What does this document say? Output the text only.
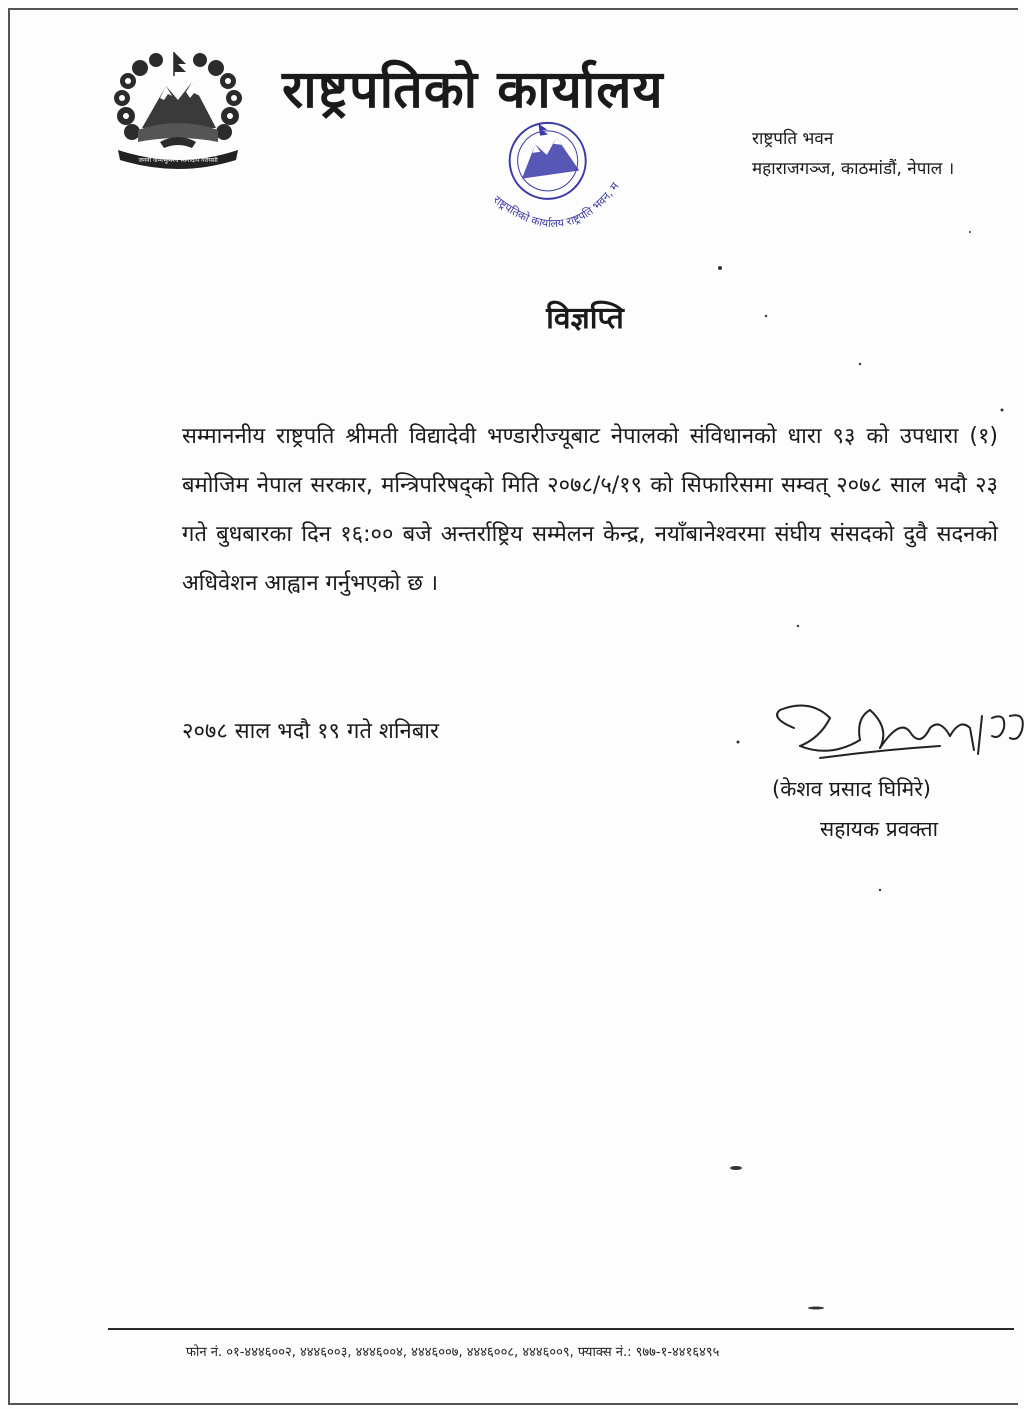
जननी जन्मभूमिश्च स्वर्गादपि गरीयसी
राष्ट्रपतिको कार्यालय
राष्ट्रपति भवन
महाराजगञ्ज, काठमांडौं, नेपाल ।
राष्ट्रपतिको कार्यालय राष्ट्रपति भवन, महाराजगञ्ज,
विज्ञप्ति
सम्माननीय राष्ट्रपति श्रीमती विद्यादेवी भण्डारीज्यूबाट नेपालको संविधानको धारा ९३ को उपधारा (१) बमोजिम नेपाल सरकार, मन्त्रिपरिषद्को मिति २०७८/५/१९ को सिफारिसमा सम्वत् २०७८ साल भदौ २३ गते बुधबारका दिन १६:०० बजे अन्तर्राष्ट्रिय सम्मेलन केन्द्र, नयाँबानेश्वरमा संघीय संसदको दुवै सदनको अधिवेशन आह्वान गर्नुभएको छ ।
२०७८ साल भदौ १९ गते शनिबार
(केशव प्रसाद घिमिरे)
सहायक प्रवक्ता
फोन नं. ०१-४४४६००२, ४४४६००३, ४४४६००४, ४४४६००७, ४४४६००८, ४४४६००९, फ्याक्स नं.: ९७७-१-४४१६४९५
